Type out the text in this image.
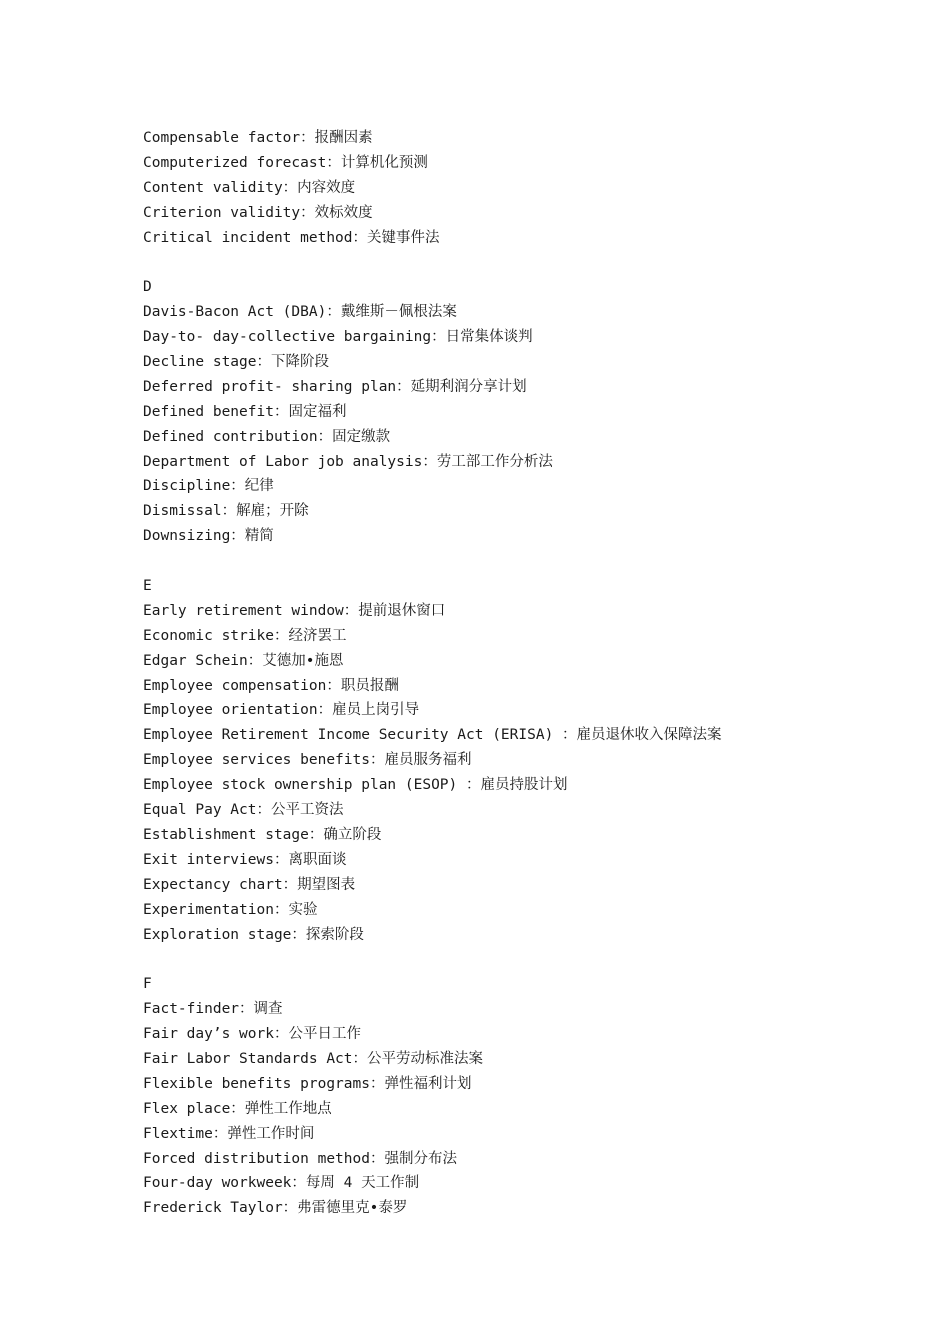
Compensable factor：报酬因素
Computerized forecast：计算机化预测
Content validity：内容效度
Criterion validity：效标效度
Critical incident method：关键事件法
D
Davis-Bacon Act (DBA)：戴维斯－佩根法案
Day-to- day-collective bargaining：日常集体谈判
Decline stage：下降阶段
Deferred profit- sharing plan：延期利润分享计划
Defined benefit：固定福利
Defined contribution：固定缴款
Department of Labor job analysis：劳工部工作分析法
Discipline：纪律
Dismissal：解雇；开除
Downsizing：精简
E
Early retirement window：提前退休窗口
Economic strike：经济罢工
Edgar Schein：艾德加•施恩
Employee compensation：职员报酬
Employee orientation：雇员上岗引导
Employee Retirement Income Security Act (ERISA) ：雇员退休收入保障法案
Employee services benefits：雇员服务福利
Employee stock ownership plan (ESOP) ：雇员持股计划
Equal Pay Act：公平工资法
Establishment stage：确立阶段
Exit interviews：离职面谈
Expectancy chart：期望图表
Experimentation：实验
Exploration stage：探索阶段
F
Fact-finder：调查
Fair day’s work：公平日工作
Fair Labor Standards Act：公平劳动标准法案
Flexible benefits programs：弹性福利计划
Flex place：弹性工作地点
Flextime：弹性工作时间
Forced distribution method：强制分布法
Four-day workweek：每周 4 天工作制
Frederick Taylor：弗雷德里克•泰罗
